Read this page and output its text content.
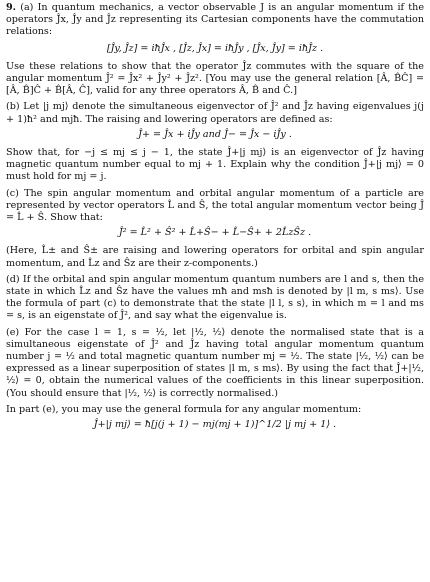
9. (a) In quantum mechanics, a vector observable J is an angular momentum if the operators Ĵx, Ĵy and Ĵz representing its Cartesian components have the commutation relations:

[Ĵy, Ĵz] = iħĴx , [Ĵz, Ĵx] = iħĴy , [Ĵx, Ĵy] = iħĴz .

Use these relations to show that the operator Ĵz commutes with the square of the angular momentum Ĵ² = Ĵx² + Ĵy² + Ĵz². [You may use the general relation [Â, B̂Ĉ] = [Â, B̂]Ĉ + B̂[Â, Ĉ], valid for any three operators Â, B̂ and Ĉ.]

(b) Let |j mj⟩ denote the simultaneous eigenvector of Ĵ² and Ĵz having eigenvalues j(j + 1)ħ² and mjħ. The raising and lowering operators are defined as:

Ĵ+ = Ĵx + iĴy and Ĵ− = Ĵx − iĴy .

Show that, for −j ≤ mj ≤ j − 1, the state Ĵ+|j mj⟩ is an eigenvector of Ĵz having magnetic quantum number equal to mj + 1. Explain why the condition Ĵ+|j mj⟩ = 0 must hold for mj = j.

(c) The spin angular momentum and orbital angular momentum of a particle are represented by vector operators L̂ and Ŝ, the total angular momentum vector being Ĵ = L̂ + Ŝ. Show that:

Ĵ² = L̂² + Ŝ² + L̂+Ŝ− + L̂−Ŝ+ + 2L̂zŜz .

(Here, L̂± and Ŝ± are raising and lowering operators for orbital and spin angular momentum, and L̂z and Ŝz are their z-components.)

(d) If the orbital and spin angular momentum quantum numbers are l and s, then the state in which L̂z and Ŝz have the values mħ and msħ is denoted by |l m, s ms⟩. Use the formula of part (c) to demonstrate that the state |l l, s s⟩, in which m = l and ms = s, is an eigenstate of Ĵ², and say what the eigenvalue is.

(e) For the case l = 1, s = ½, let |½, ½⟩ denote the normalised state that is a simultaneous eigenstate of Ĵ² and Ĵz having total angular momentum quantum number j = ½ and total magnetic quantum number mj = ½. The state |½, ½⟩ can be expressed as a linear superposition of states |l m, s ms⟩. By using the fact that Ĵ+|½, ½⟩ = 0, obtain the numerical values of the coefficients in this linear superposition. (You should ensure that |½, ½⟩ is correctly normalised.)

In part (e), you may use the general formula for any angular momentum:

Ĵ+|j mj⟩ = ħ[j(j + 1) − mj(mj + 1)]^1/2 |j mj + 1⟩ .
